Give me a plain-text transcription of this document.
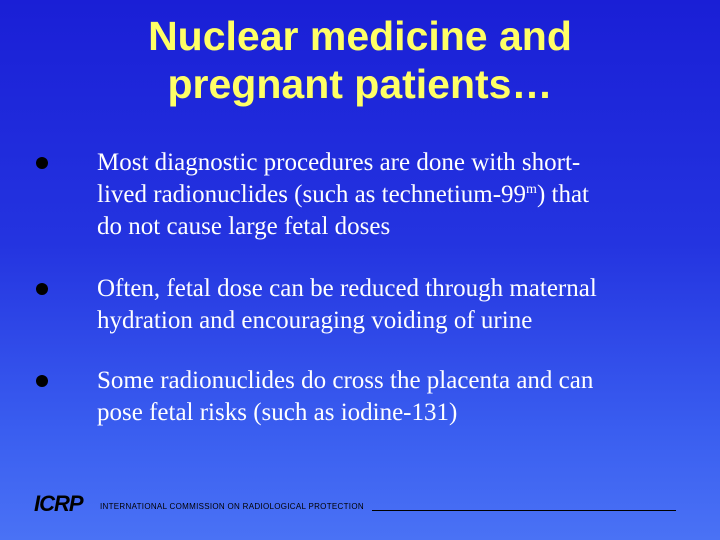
Nuclear medicine and
pregnant patients…
Most diagnostic procedures are done with short-
lived radionuclides (such as technetium-99$^m$) that
do not cause large fetal doses
Often, fetal dose can be reduced through maternal
hydration and encouraging voiding of urine
Some radionuclides do cross the placenta and can
pose fetal risks (such as iodine-131)
ICRP INTERNATIONAL COMMISSION ON RADIOLOGICAL PROTECTION
